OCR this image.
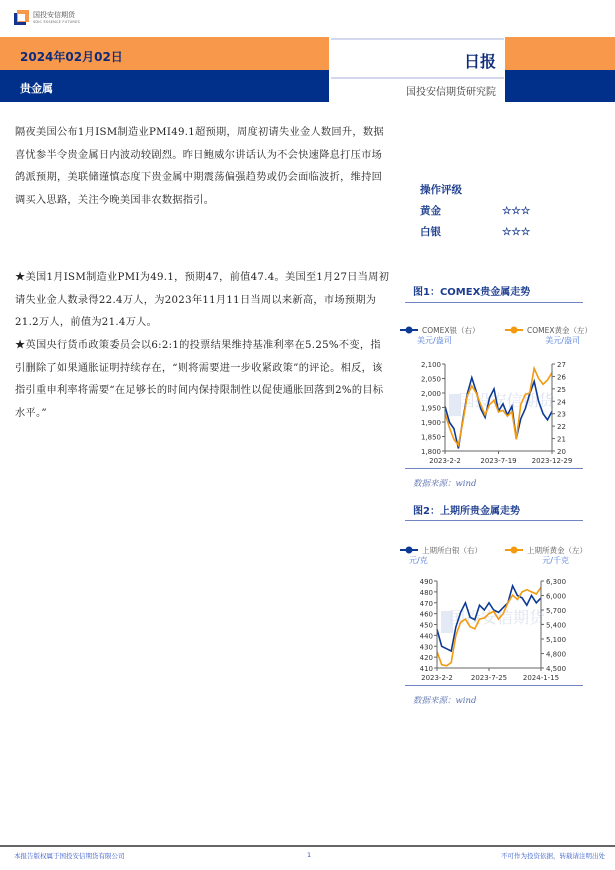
国投安信期货
SDIC ESSENCE FUTURES
2024年02月02日
贵金属
日报
国投安信期货研究院
隔夜美国公布1月ISM制造业PMI49.1超预期，周度初请失业金人数回升，数据喜忧参半令贵金属日内波动较剧烈。昨日鲍威尔讲话认为不会快速降息打压市场鸽派预期，美联储谨慎态度下贵金属中期震荡偏强趋势或仍会面临波折，维持回调买入思路，关注今晚美国非农数据指引。
★美国1月ISM制造业PMI为49.1，预期47，前值47.4。美国至1月27日当周初请失业金人数录得22.4万人，为2023年11月11日当周以来新高，市场预期为21.2万人，前值为21.4万人。
★英国央行货币政策委员会以6:2:1的投票结果维持基准利率在5.25%不变，指引删除了如果通胀证明持续存在，“则将需要进一步收紧政策”的评论。相反，该指引重申利率将需要“在足够长的时间内保持限制性以促使通胀回落到2%的目标水平。”
操作评级
黄金	☆☆☆
白银	☆☆☆
图1：COMEX贵金属走势
国投安信期货
COMEX银（右）	COMEX黄金（左）
美元/盎司	美元/盎司
1,800
1,850
1,900
1,950
2,000
2,050
2,100
20
21
22
23
24
25
26
27
2023-2-2	2023-7-19 2023-12-29
数据来源：wind
图2：上期所贵金属走势
国投安信期货
上期所白银（右）	上期所黄金（左）
元/克	元/千克
410
420
430
440
450
460
470
480
490
4,500
4,800
5,100
5,400
5,700
6,000
6,300
2023-2-2	2023-7-25 2024-1-15
数据来源：wind
本报告版权属于国投安信期货有限公司	1	不可作为投资依据，转载请注明出处
